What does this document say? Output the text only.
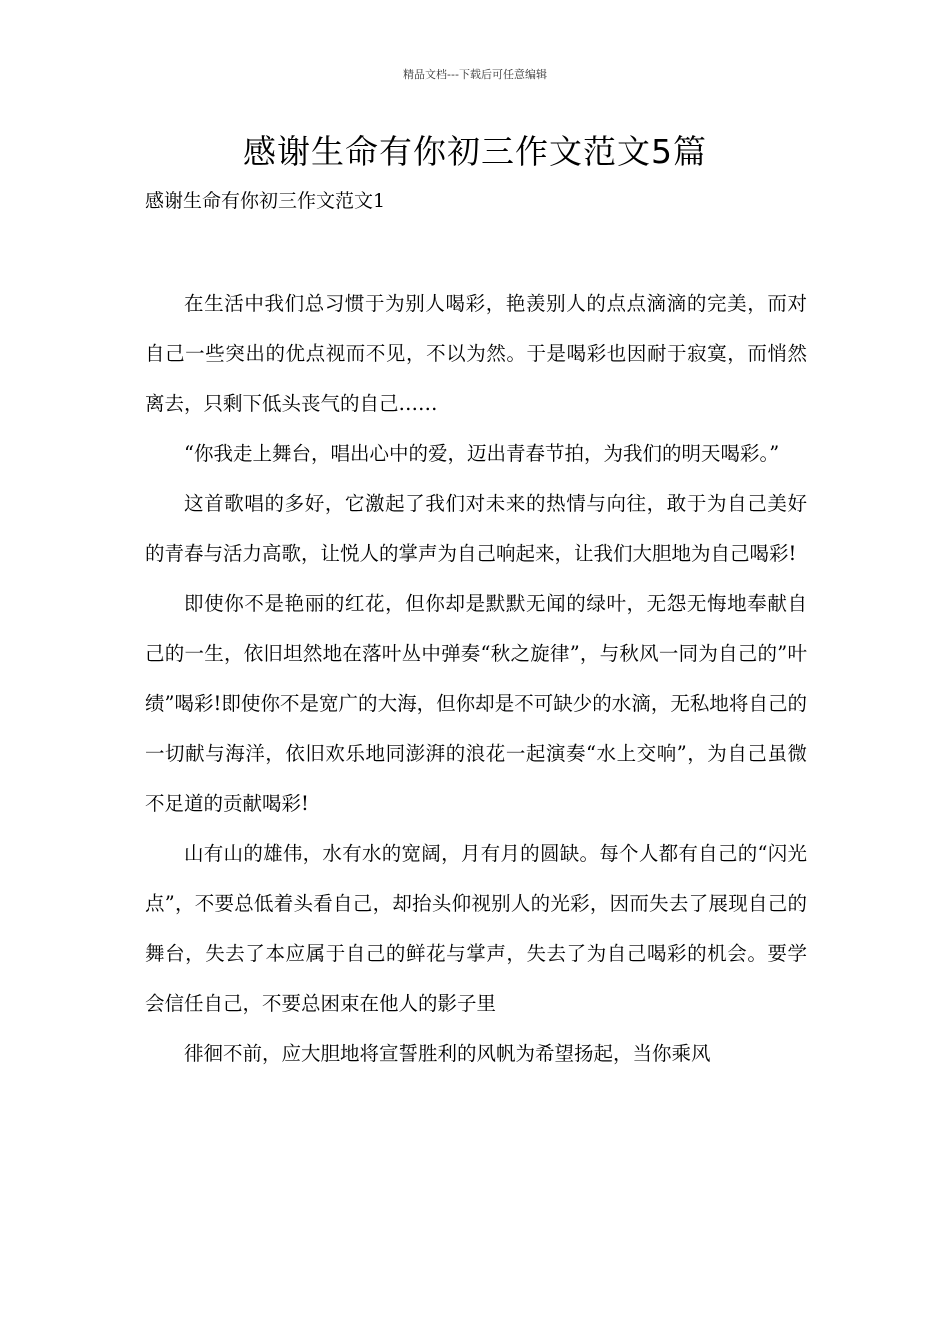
精品文档---下载后可任意编辑
感谢生命有你初三作文范文5篇
感谢生命有你初三作文范文1

在生活中我们总习惯于为别人喝彩，艳羡别人的点点滴滴的完美，而对自己一些突出的优点视而不见，不以为然。于是喝彩也因耐于寂寞，而悄然离去，只剩下低头丧气的自己……

“你我走上舞台，唱出心中的爱，迈出青春节拍，为我们的明天喝彩。”

这首歌唱的多好，它激起了我们对未来的热情与向往，敢于为自己美好的青春与活力高歌，让悦人的掌声为自己响起来，让我们大胆地为自己喝彩!

即使你不是艳丽的红花，但你却是默默无闻的绿叶，无怨无悔地奉献自己的一生，依旧坦然地在落叶丛中弹奏“秋之旋律”，与秋风一同为自己的”叶绩”喝彩!即使你不是宽广的大海，但你却是不可缺少的水滴，无私地将自己的一切献与海洋，依旧欢乐地同澎湃的浪花一起演奏“水上交响”，为自己虽微不足道的贡献喝彩!

山有山的雄伟，水有水的宽阔，月有月的圆缺。每个人都有自己的“闪光点”，不要总低着头看自己，却抬头仰视别人的光彩，因而失去了展现自己的舞台，失去了本应属于自己的鲜花与掌声，失去了为自己喝彩的机会。要学会信任自己，不要总困束在他人的影子里

徘徊不前，应大胆地将宣誓胜利的风帆为希望扬起，当你乘风
